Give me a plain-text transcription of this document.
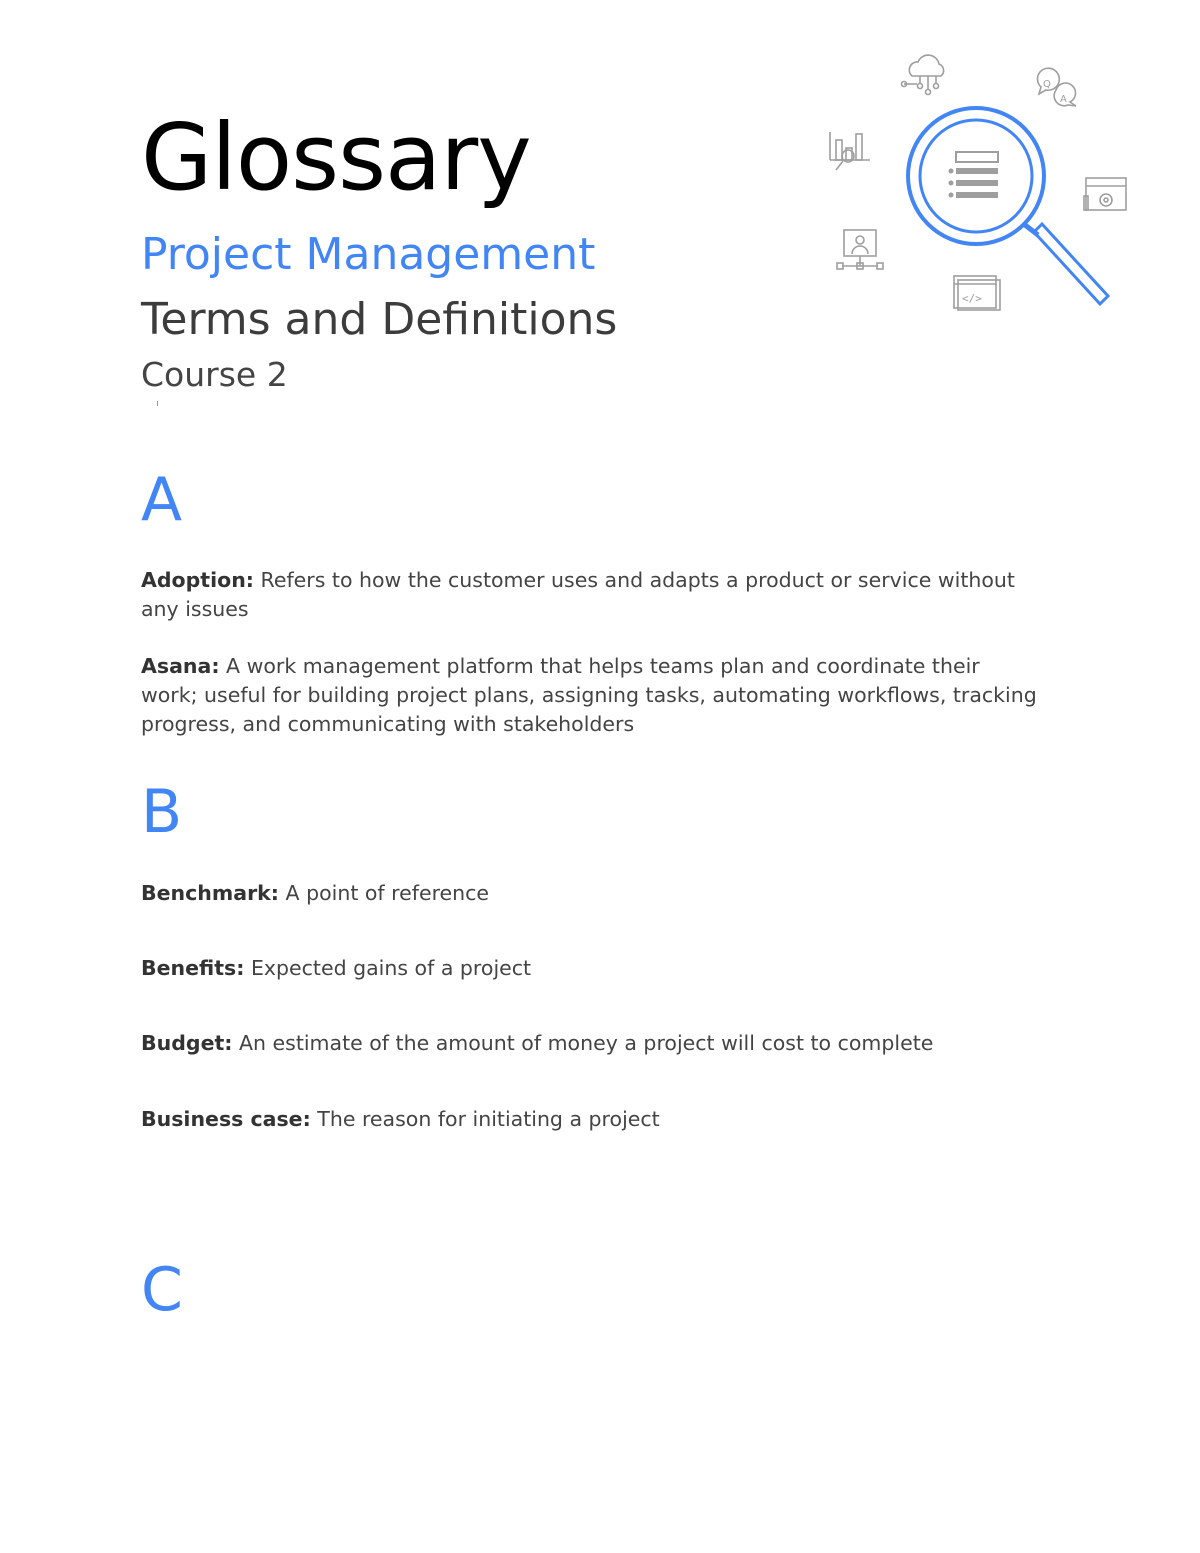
Glossary
Project Management
Terms and Definitions
Course 2
Q
A
</>
A
Adoption: Refers to how the customer uses and adapts a product or service without any issues
Asana: A work management platform that helps teams plan and coordinate their work; useful for building project plans, assigning tasks, automating workflows, tracking progress, and communicating with stakeholders
B
Benchmark: A point of reference
Benefits: Expected gains of a project
Budget: An estimate of the amount of money a project will cost to complete
Business case: The reason for initiating a project
C
